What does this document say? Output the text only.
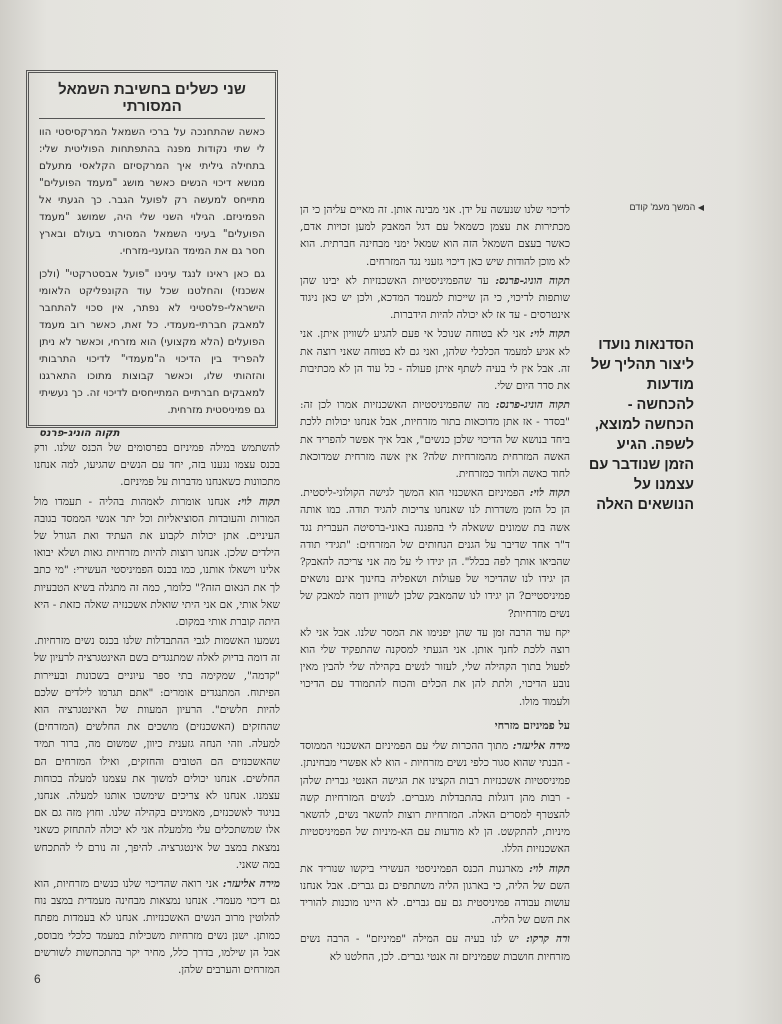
◀ המשך מעמ' קודם
הסדנאות נועדו ליצור תהליך של מודעות להכחשה - הכחשה למוצא, לשפה. הגיע הזמן שנודבר עם עצמנו על הנושאים האלה
שני כשלים בחשיבת השמאל המסורתי

כאשה שהתחנכה על ברכי השמאל המרקסיסטי הוו לי שתי נקודות מפנה בהתפתחות הפוליטית שלי: בתחילה גיליתי איך המרקסיזם הקלאסי מתעלם מנושא דיכוי הנשים כאשר מושג "מעמד הפועלים" מתייחס למעשה רק לפועל הגבר. כך הגעתי אל הפמיניזם. הגילוי השני שלי היה, שמושג "מעמד הפועלים" בעיני השמאל המסורתי בעולם ובארץ חסר גם את המימד הגזעני-מזרחי.

גם כאן ראינו לנגד עינינו "פועל אבסטרקטי" (ולכן אשכנזי) והחלטנו שכל עוד הקונפליקט הלאומי הישראלי-פלסטיני לא נפתר, אין סכוי להתחבר למאבק חברתי-מעמדי. כל זאת, כאשר רוב מעמד הפועלים (הלא מקצועי) הוא מזרחי, וכאשר לא ניתן להפריד בין הדיכוי ה"מעמדי" לדיכוי התרבותי והזהותי שלו, וכאשר קבוצות מתוכו התארגנו למאבקים חברתיים המתייחסים לדיכוי זה. כך נעשיתי גם פמיניסטית מזרחית.

תקוה הוניג-פרנס

לדיכוי שלנו שנעשה על ידן. אני מבינה אותן. זה מאיים עליהן כי הן מכתירות את עצמן כשמאל עם דגל המאבק למען זכויות אדם, כאשר בעצם השמאל הזה הוא שמאל ימני מבחינה חברתית. הוא לא מוכן להודות שיש כאן דיכוי גזעני נגד המזרחים.

תקוה הוניג-פרנס: עד שהפמיניסטיות האשכנזיות לא יבינו שהן שותפות לדיכוי, כי הן שייכות למעמד המדכא, ולכן יש כאן ניגוד אינטרסים - עד אז לא יכולה להיות הידברות.

תקוה לוי: אני לא בטוחה שנוכל אי פעם להגיע לשוויון איתן. אני לא אגיע למעמד הכלכלי שלהן, ואני גם לא בטוחה שאני רוצה את זה. אבל אין לי בעיה לשתף איתן פעולה - כל עוד הן לא מכתיבות את סדר היום שלי.

תקוה הוניג-פרנס: מה שהפמיניסטיות האשכנזיות אמרו לכן זה: "בסדר - אז אתן מדוכאות בתור מזרחיות, אבל אנחנו יכולות ללכת ביחד בנושא של הדיכוי שלכן כנשים", אבל איך אפשר להפריד את האשה המזרחית מהמזרחיות שלה? אין אשה מזרחית שמדוכאת לחוד כאשה ולחוד כמזרחית.

תקוה לוי: הפמיניזם האשכנזי הוא המשך לגישה הקולוני-ליסטית. הן כל הזמן משדרות לנו שאנחנו צריכות להגיד תודה. כמו אותה אשה בת שמונים ששאלה לי בהפגנה באוני-ברסיטה העברית נגד ד"ר אחד שדיבר על הגנים הנחותים של המזרחים: "תגידי תודה שהביאו אותך לפה בכלל". הן יגידו לי על מה אני צריכה להאבק? הן יגידו לנו שהדיכוי של פעולות ושאפליה בחינוך אינם נושאים פמיניסטיים? הן יגידו לנו שהמאבק שלכן לשוויון דומה למאבק של נשים מזרחיות?

יקח עוד הרבה זמן עד שהן יפנימו את המסר שלנו. אבל אני לא רוצה ללכת לחנך אותן. אני הגעתי למסקנה שהתפקיד שלי הוא לפעול בתוך הקהילה שלי, לעזור לנשים בקהילה שלי להבין מאין נובע הדיכוי, ולתת להן את הכלים והכוח להתמודד עם הדיכוי ולעמוד מולו.

על פמיניזם מזרחי

מירה אליעזר: מתוך ההכרות שלי עם הפמיניזם האשכנזי הממוסד - הבנתי שהוא סגור כלפי נשים מזרחיות - הוא לא אפשרי מבחינתן. פמיניסטיות אשכנזיות רבות הקצינו את הגישה האנטי גברית שלהן - רבות מהן דוגלות בהתבדלות מגברים. לנשים המזרחיות קשה להצטרף למסרים האלה. המזרחיות רוצות להשאר נשים, להשאר מיניות, להתקשט. הן לא מודעות עם הא-מיניות של הפמיניסטיות האשכנזיות הללו.

תקוה לוי: מארגנות הכנס הפמיניסטי העשירי ביקשו שנוריד את השם של הליה, כי בארגון הליה משתתפים גם גברים. אבל אנחנו עושות עבודה פמיניסטית גם עם גברים. לא היינו מוכנות להוריד את השם של הליה.

ורה קרקו: יש לנו בעיה עם המילה "פמיניזם" - הרבה נשים מזרחיות חושבות שפמיניזם זה אנטי גברים. לכן, החלטנו לא

להשתמש במילה פמיניזם בפרסומים של הכנס שלנו. ורק בכנס עצמו נגענו בזה, יחד עם הנשים שהגיעו, למה אנחנו מתכוונות כשאנחנו מדברות על פמיניזם.

תקוה לוי: אנחנו אומרות לאמהות בהליה - תעמדו מול המורות והעובדות הסוציאליות וכל יתר אנשי הממסד בגובה העיניים. אתן יכולות לקבוע את העתיד ואת הגורל של הילדים שלכן. אנחנו רוצות להיות מזרחיות גאות ושלא יבואו אלינו וישאלו אותנו, כמו בכנס הפמיניסטי העשירי: "מי כתב לך את הנאום הזה?" כלומר, כמה זה מתגלה בשיא הטבעיות שאל אותי, אם אני היתי שואלת אשכנזיה שאלה כזאת - היא היתה קוברת אותי במקום.

נשמעו האשמות לגבי ההתבדלות שלנו בכנס נשים מזרחיות. זה דומה בדיוק לאלה שמתנגדים בשם האינטגרציה לרעיון של "קדמה", שמקימה בתי ספר עיוניים בשכונות ובעיירות הפיתוח. המתנגדים אומרים: "אתם תגרמו לילדים שלכם להיות חלשים". הרעיון המעוות של האינטגרציה הוא שהחזקים (האשכנזים) מושכים את החלשים (המזרחים) למעלה. וזהי הנחה גזענית כיוון, שמשום מה, ברור תמיד שהאשכנזים הם הטובים והחזקים, ואילו המזרחים הם החלשים. אנחנו יכולים למשוך את עצמנו למעלה בכוחות עצמנו. אנחנו לא צריכים שימשכו אותנו למעלה. אנחנו, בניגוד לאשכנזים, מאמינים בקהילה שלנו. וחוץ מזה גם אם אלו שמשתכלים עלי מלמעלה אני לא יכולה להתחזק כשאני נמצאת במצב של אינטגרציה. להיפך, זה נורם לי להתכחש במה שאני.

מירה אליעזר: אני רואה שהדיכוי שלנו כנשים מזרחיות, הוא גם דיכוי מעמדי. אנחנו נמצאות מבחינה מעמדית במצב נוח להלוטין מרוב הנשים האשכנזיות. אנחנו לא בעמדות מפתח כמותן. ישנן נשים מזרחיות משכילות במעמד כלכלי מבוסס, אבל הן שילמו, בדרך כלל, מחיר יקר בהתכחשות לשורשים המזרחים והערבים שלהן.

6
